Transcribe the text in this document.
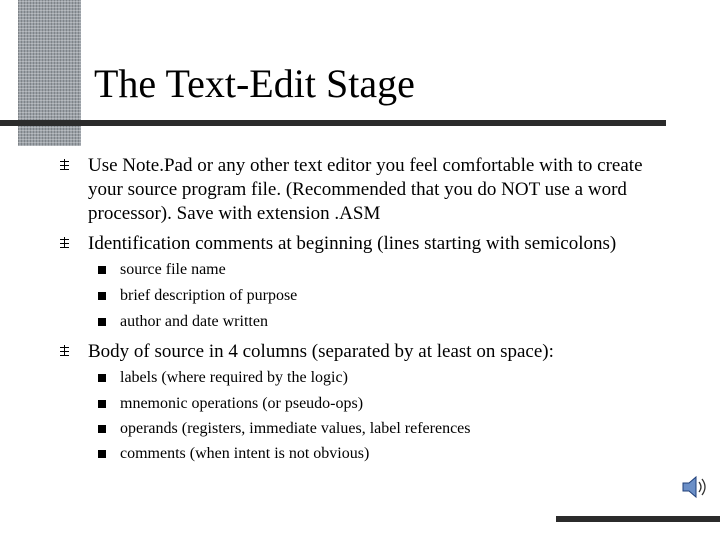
The Text-Edit Stage
Use Note.Pad or any other text editor you feel comfortable with to create your source program file. (Recommended that you do NOT use a word processor). Save with extension .ASM
Identification comments at beginning (lines starting with semicolons)
source file name
brief description of purpose
author and date written
Body of source in 4 columns (separated by at least on space):
labels (where required by the logic)
mnemonic operations (or pseudo-ops)
operands (registers, immediate values, label references
comments (when intent is not obvious)
